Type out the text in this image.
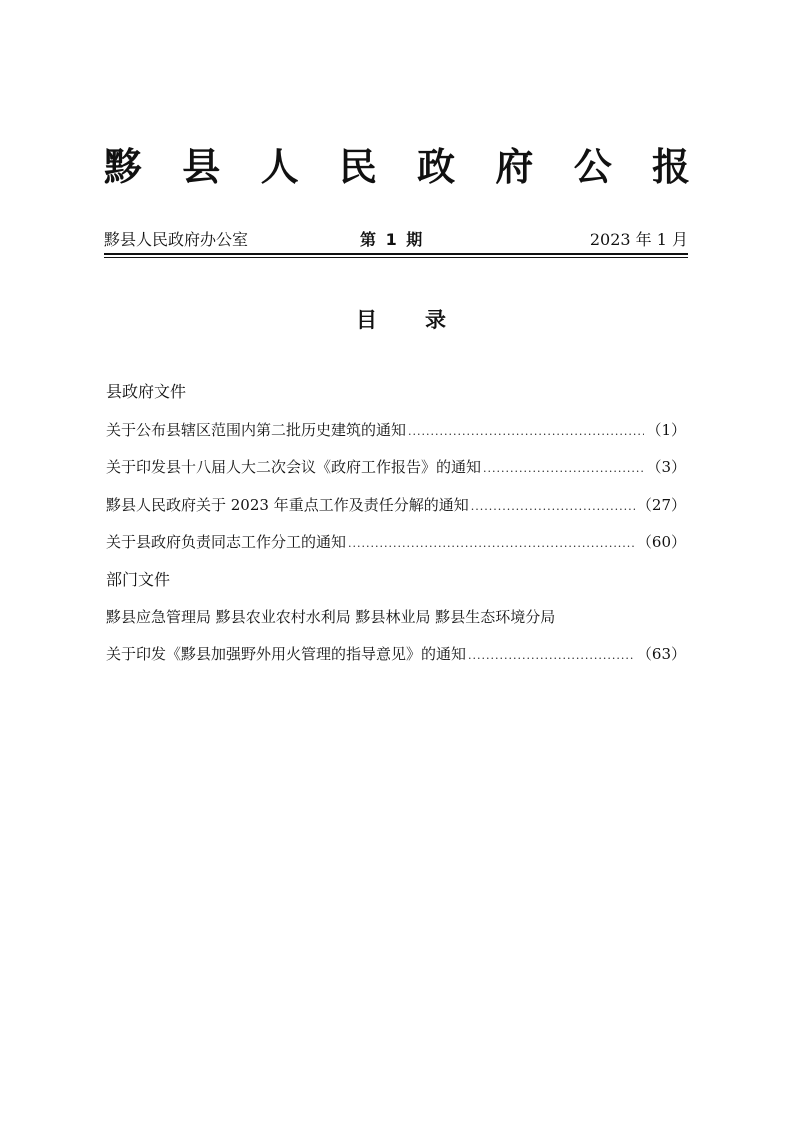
黟 县 人 民 政 府 公 报
黟县人民政府办公室	第 1 期	2023 年 1 月
目 录
县政府文件
关于公布县辖区范围内第二批历史建筑的通知 .....	（1）
关于印发县十八届人大二次会议《政府工作报告》的通知 .....	（3）
黟县人民政府关于 2023 年重点工作及责任分解的通知 .....	（27）
关于县政府负责同志工作分工的通知 .....	（60）
部门文件
黟县应急管理局 黟县农业农村水利局 黟县林业局 黟县生态环境分局
关于印发《黟县加强野外用火管理的指导意见》的通知 .....	（63）
